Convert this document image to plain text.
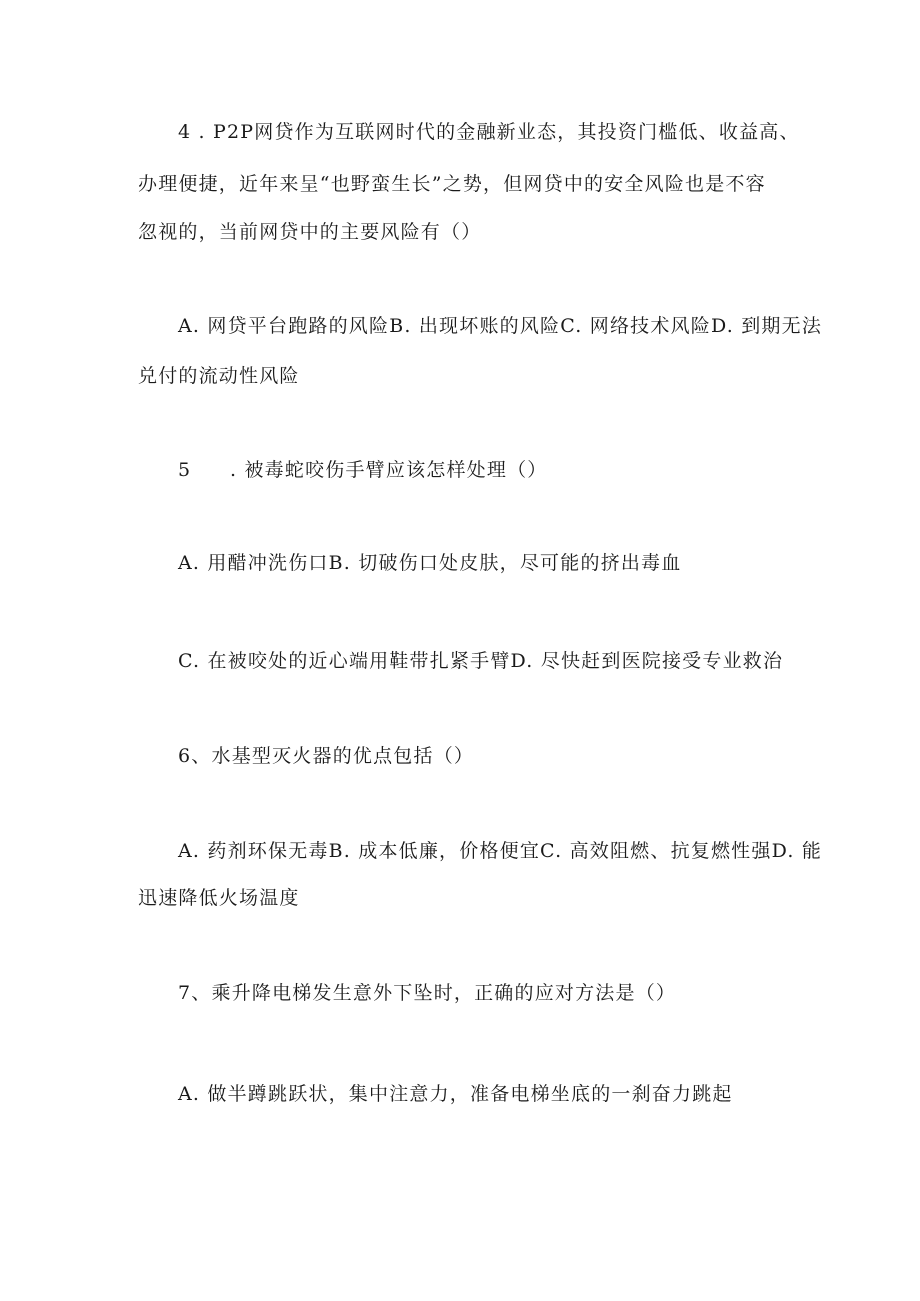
4 . P2P网贷作为互联网时代的金融新业态，其投资门槛低、收益高、
办理便捷，近年来呈“也野蛮生长”之势，但网贷中的安全风险也是不容
忽视的，当前网贷中的主要风险有（）
A. 网贷平台跑路的风险B. 出现坏账的风险C. 网络技术风险D. 到期无法
兑付的流动性风险
5 . 被毒蛇咬伤手臂应该怎样处理（）
A. 用醋冲洗伤口B. 切破伤口处皮肤，尽可能的挤出毒血
C. 在被咬处的近心端用鞋带扎紧手臂D. 尽快赶到医院接受专业救治
6、水基型灭火器的优点包括（）
A. 药剂环保无毒B. 成本低廉，价格便宜C. 高效阻燃、抗复燃性强D. 能
迅速降低火场温度
7、乘升降电梯发生意外下坠时，正确的应对方法是（）
A. 做半蹲跳跃状，集中注意力，准备电梯坐底的一刹奋力跳起
